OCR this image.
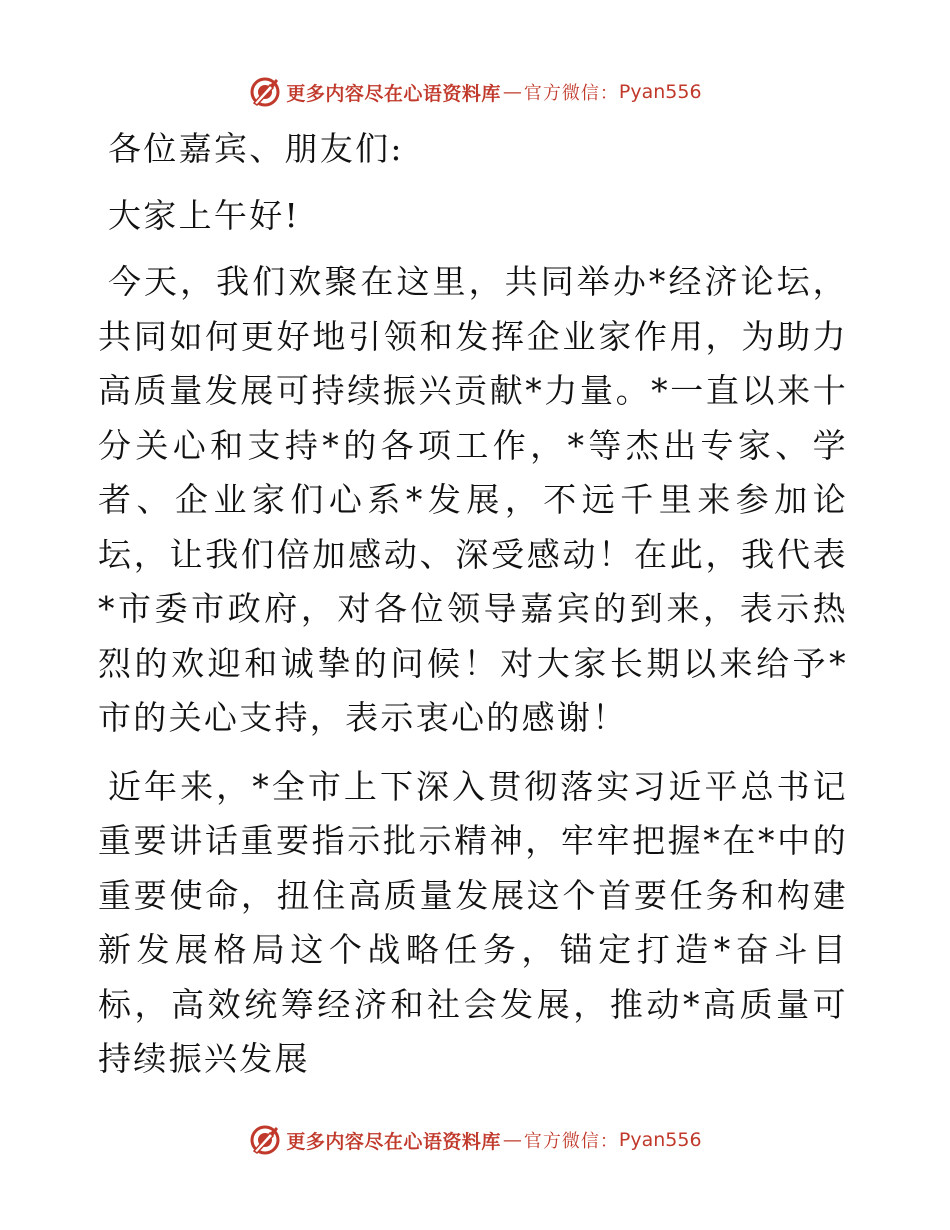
更多内容尽在心语资料库 — 官方微信： Pyan556

各位嘉宾、朋友们:

大家上午好!

今天，我们欢聚在这里，共同举办*经济论坛，共同如何更好地引领和发挥企业家作用，为助力高质量发展可持续振兴贡献*力量。*一直以来十分关心和支持*的各项工作，*等杰出专家、学者、企业家们心系*发展，不远千里来参加论坛，让我们倍加感动、深受感动！在此，我代表*市委市政府，对各位领导嘉宾的到来，表示热烈的欢迎和诚挚的问候！对大家长期以来给予*市的关心支持，表示衷心的感谢！

近年来，*全市上下深入贯彻落实习近平总书记重要讲话重要指示批示精神，牢牢把握*在*中的重要使命，扭住高质量发展这个首要任务和构建新发展格局这个战略任务，锚定打造*奋斗目标，高效统筹经济和社会发展，推动*高质量可持续振兴发展

更多内容尽在心语资料库 — 官方微信： Pyan556
